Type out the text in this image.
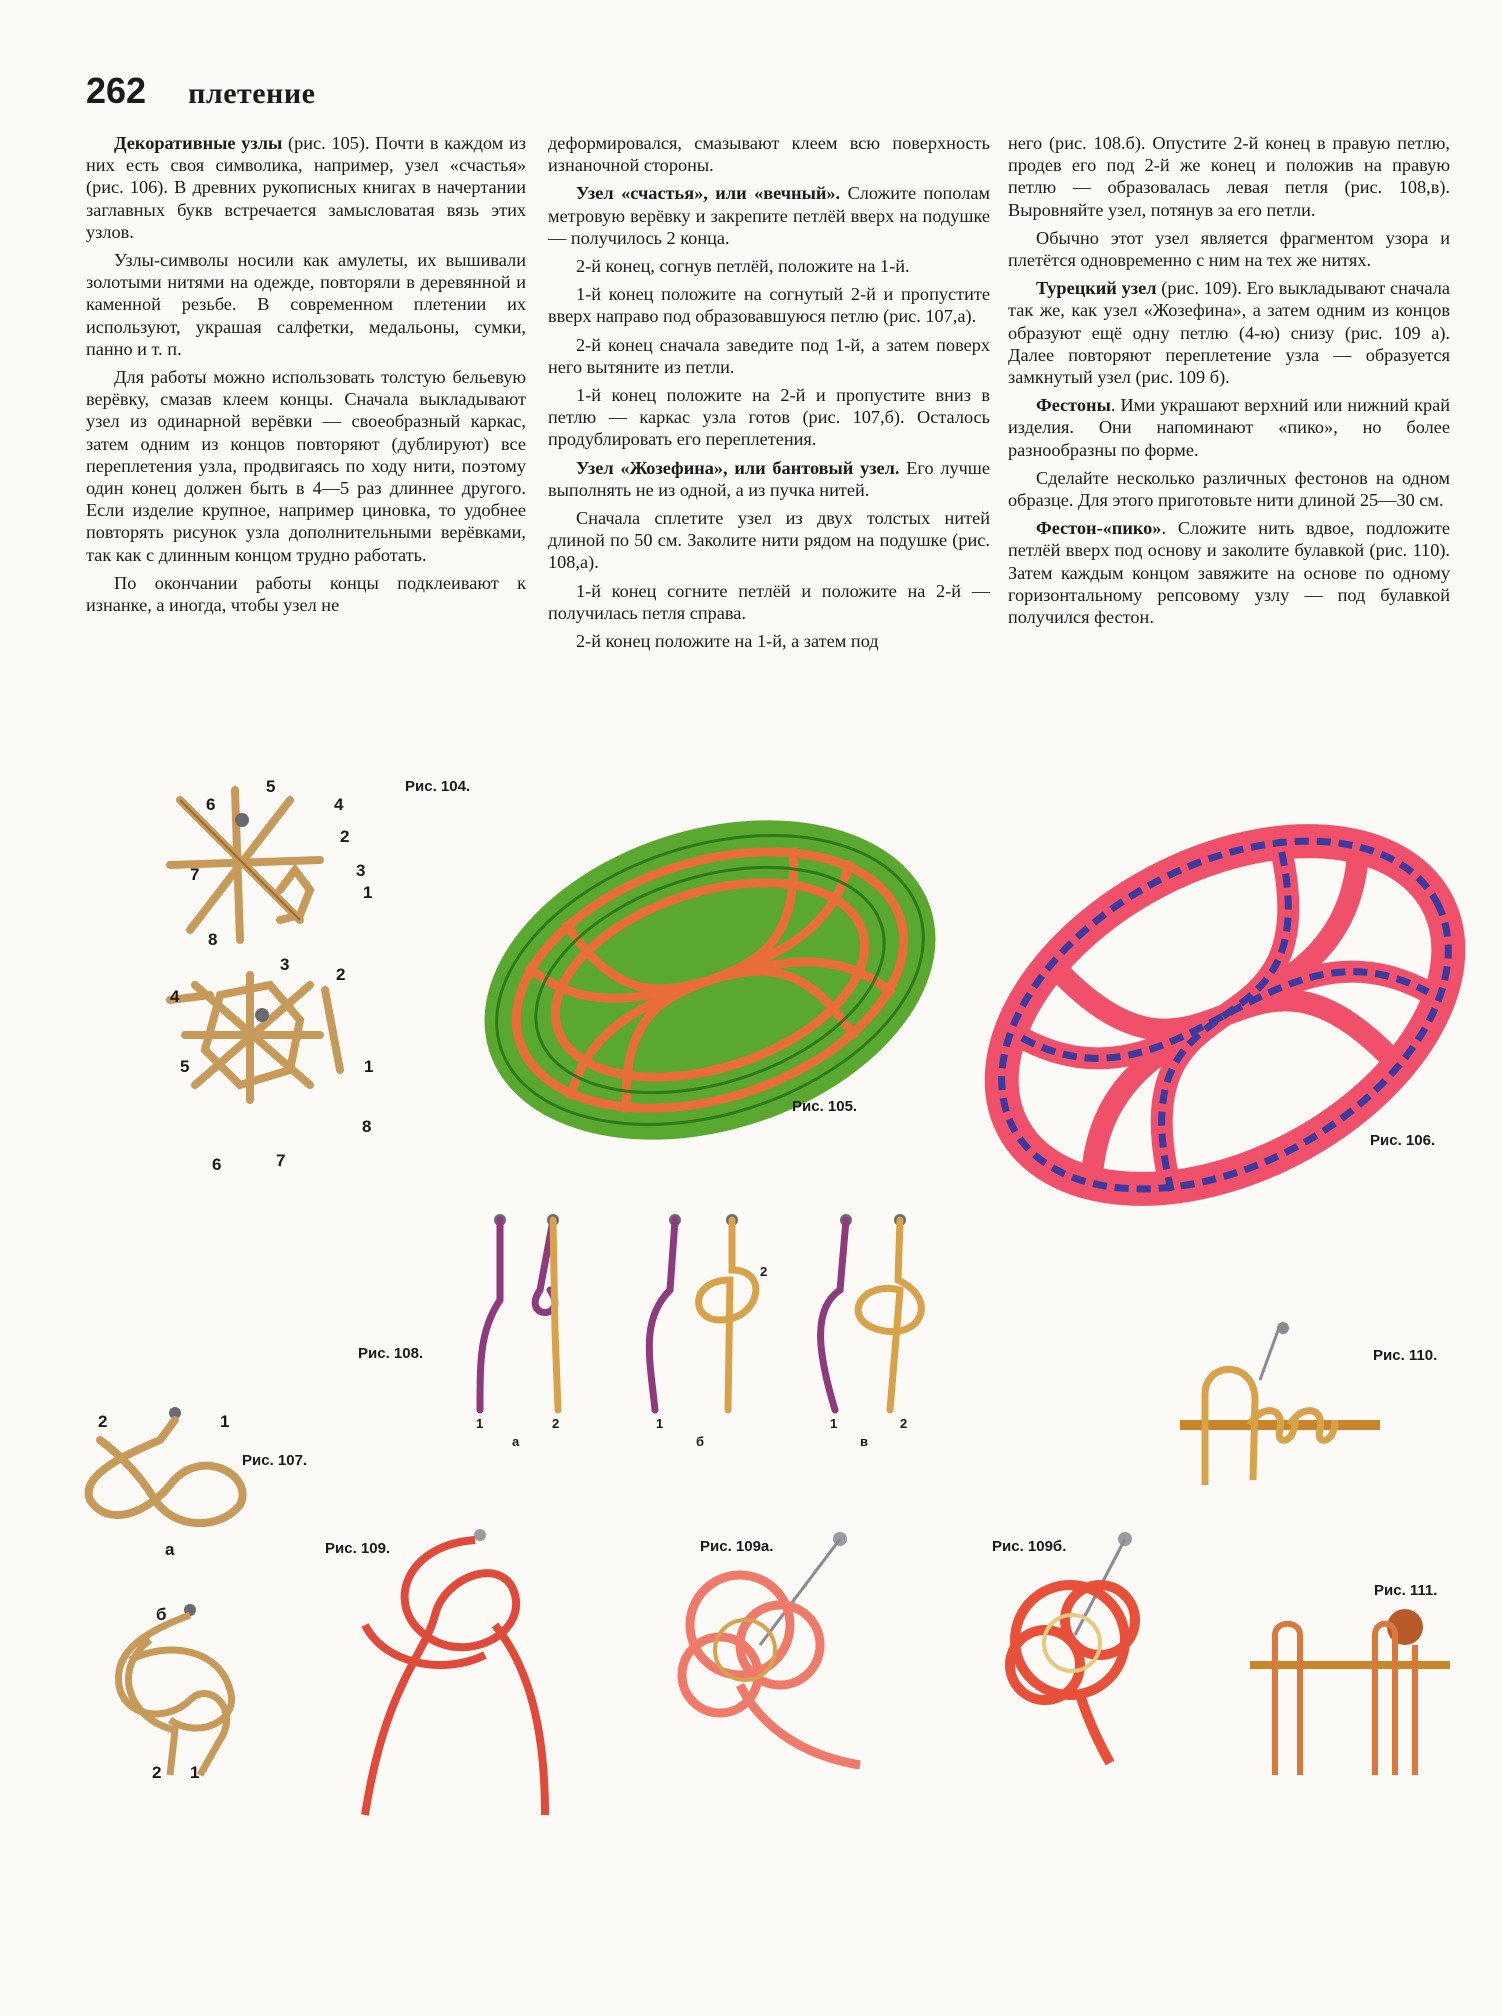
262 плетение

Декоративные узлы (рис. 105). Почти в каждом из них есть своя символика, например, узел «счастья» (рис. 106). В древних рукописных книгах в начертании заглавных букв встречается замысловатая вязь этих узлов.

Узлы-символы носили как амулеты, их вышивали золотыми нитями на одежде, повторяли в деревянной и каменной резьбе. В современном плетении их используют, украшая салфетки, медальоны, сумки, панно и т. п.

Для работы можно использовать толстую бельевую верёвку, смазав клеем концы. Сначала выкладывают узел из одинарной верёвки — своеобразный каркас, затем одним из концов повторяют (дублируют) все переплетения узла, продвигаясь по ходу нити, поэтому один конец должен быть в 4—5 раз длиннее другого. Если изделие крупное, например циновка, то удобнее повторять рисунок узла дополнительными верёвками, так как с длинным концом трудно работать.

По окончании работы концы подклеивают к изнанке, а иногда, чтобы узел не

деформировался, смазывают клеем всю поверхность изнаночной стороны.

Узел «счастья», или «вечный». Сложите пополам метровую верёвку и закрепите петлёй вверх на подушке — получилось 2 конца.

2-й конец, согнув петлёй, положите на 1-й.

1-й конец положите на согнутый 2-й и пропустите вверх направо под образовавшуюся петлю (рис. 107,а).

2-й конец сначала заведите под 1-й, а затем поверх него вытяните из петли.

1-й конец положите на 2-й и пропустите вниз в петлю — каркас узла готов (рис. 107,б). Осталось продублировать его переплетения.

Узел «Жозефина», или бантовый узел. Его лучше выполнять не из одной, а из пучка нитей.

Сначала сплетите узел из двух толстых нитей длиной по 50 см. Заколите нити рядом на подушке (рис. 108,а).

1-й конец согните петлёй и положите на 2-й — получилась петля справа.

2-й конец положите на 1-й, а затем под

него (рис. 108.б). Опустите 2-й конец в правую петлю, продев его под 2-й же конец и положив на правую петлю — образовалась левая петля (рис. 108,в). Выровняйте узел, потянув за его петли.

Обычно этот узел является фрагментом узора и плетётся одновременно с ним на тех же нитях.

Турецкий узел (рис. 109). Его выкладывают сначала так же, как узел «Жозефина», а затем одним из концов образуют ещё одну петлю (4-ю) снизу (рис. 109 а). Далее повторяют переплетение узла — образуется замкнутый узел (рис. 109 б).

Фестоны. Ими украшают верхний или нижний край изделия. Они напоминают «пико», но более разнообразны по форме.

Сделайте несколько различных фестонов на одном образце. Для этого приготовьте нити длиной 25—30 см.

Фестон-«пико». Сложите нить вдвое, подложите петлёй вверх под основу и заколите булавкой (рис. 110). Затем каждым концом завяжите на основе по одному горизонтальному репсовому узлу — под булавкой получился фестон.

6
5
4
2
3
1
7
8
3
2
4
5	1
8
6	7
Рис. 104.
Рис. 105.
Рис. 106.
1	2
а
1
б
1	2
в
2
Рис. 108.	Рис. 110.
2	1
а
Рис. 107.
Рис. 109.
б
2 1
Рис. 109а.	Рис. 109б.
Рис. 111.
